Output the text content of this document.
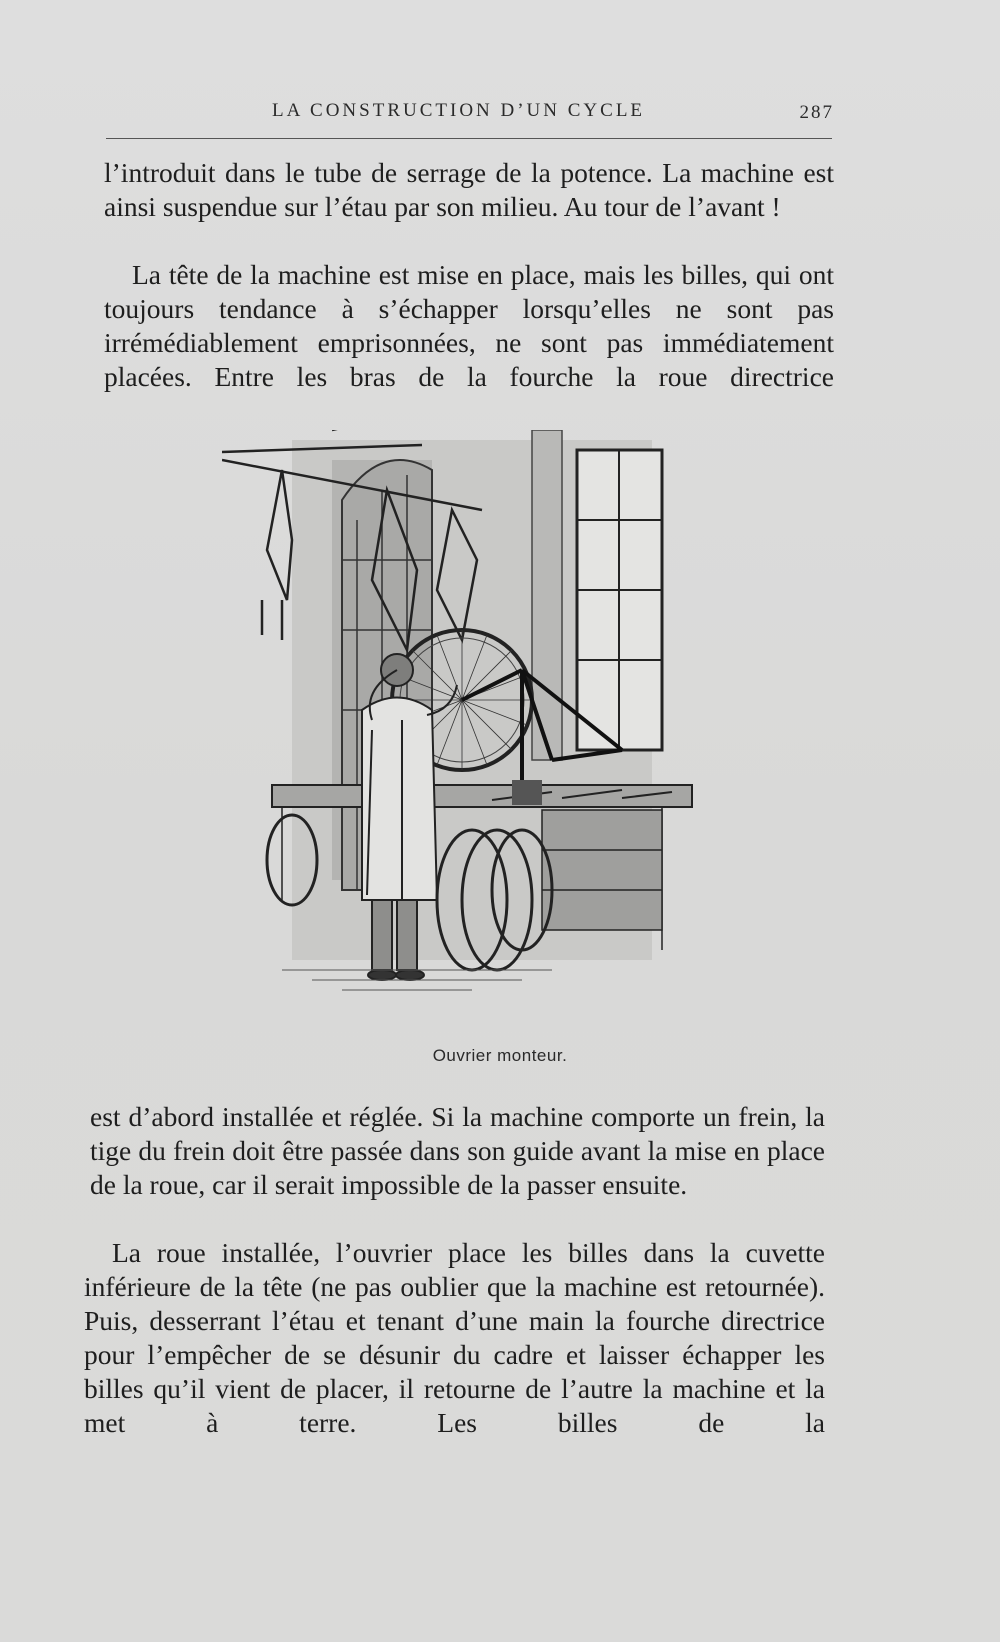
LA CONSTRUCTION D’UN CYCLE	287

l’introduit dans le tube de serrage de la potence. La machine est ainsi suspendue sur l’étau par son milieu. Au tour de l’avant !

La tête de la machine est mise en place, mais les billes, qui ont toujours tendance à s’échapper lorsqu’elles ne sont pas irrémédiablement emprisonnées, ne sont pas immédiatement placées. Entre les bras de la fourche la roue directrice

Ouvrier monteur.

est d’abord installée et réglée. Si la machine comporte un frein, la tige du frein doit être passée dans son guide avant la mise en place de la roue, car il serait impossible de la passer ensuite.

La roue installée, l’ouvrier place les billes dans la cuvette inférieure de la tête (ne pas oublier que la machine est retournée). Puis, desserrant l’étau et tenant d’une main la fourche directrice pour l’empêcher de se désunir du cadre et laisser échapper les billes qu’il vient de placer, il retourne de l’autre la machine et la met à terre. Les billes de la
